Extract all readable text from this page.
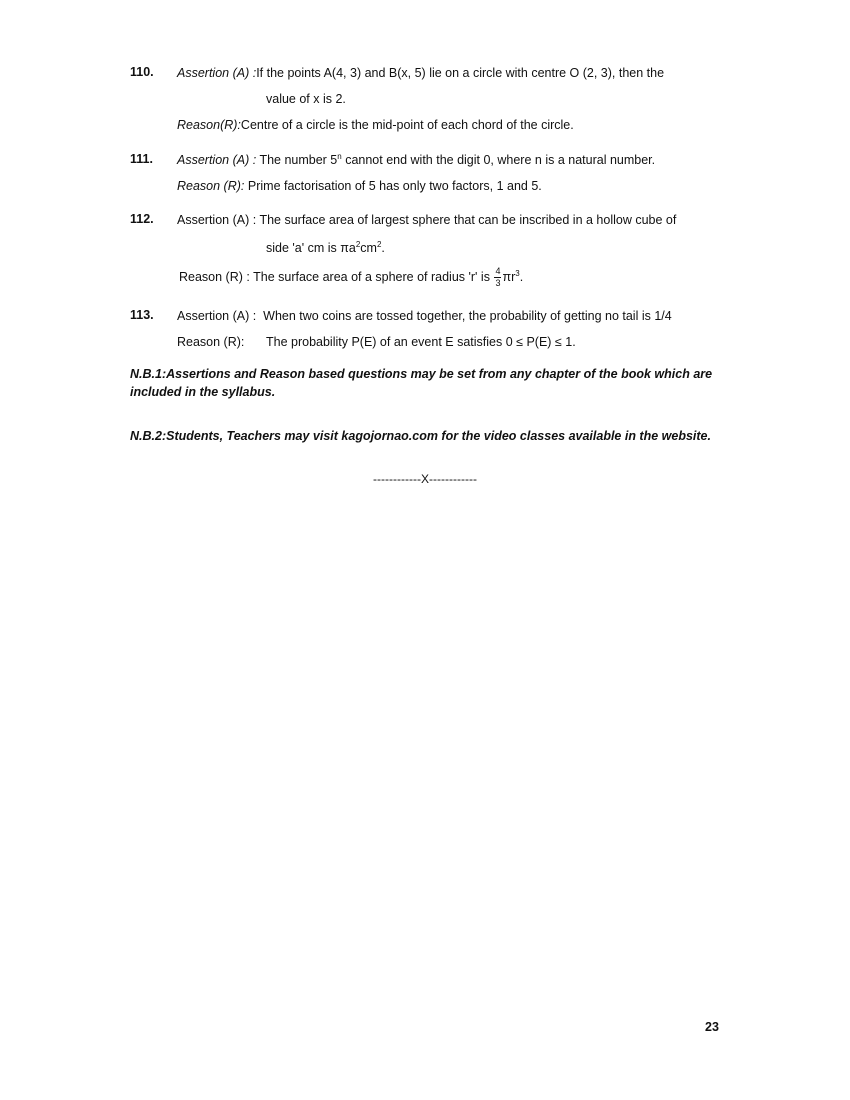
110. Assertion (A) :If the points A(4, 3) and B(x, 5) lie on a circle with centre O (2, 3), then the
value of x is 2.
Reason(R):Centre of a circle is the mid-point of each chord of the circle.
111. Assertion (A) : The number 5$^n$ cannot end with the digit 0, where n is a natural number.
Reason (R): Prime factorisation of 5 has only two factors, 1 and 5.
112. Assertion (A) : The surface area of largest sphere that can be inscribed in a hollow cube of
side 'a' cm is $\pi a^2cm^2$.
Reason (R) : The surface area of a sphere of radius 'r' is $\frac{4}{3} \pi r^3$.
113. Assertion (A) : When two coins are tossed together, the probability of getting no tail is 1/4
Reason (R): The probability P(E) of an event E satisfies 0 ≤ P(E) ≤ 1.
N.B.1:Assertions and Reason based questions may be set from any chapter of the book which are included in the syllabus.
N.B.2:Students, Teachers may visit kagojornao.com for the video classes available in the website.
------------X------------
23
